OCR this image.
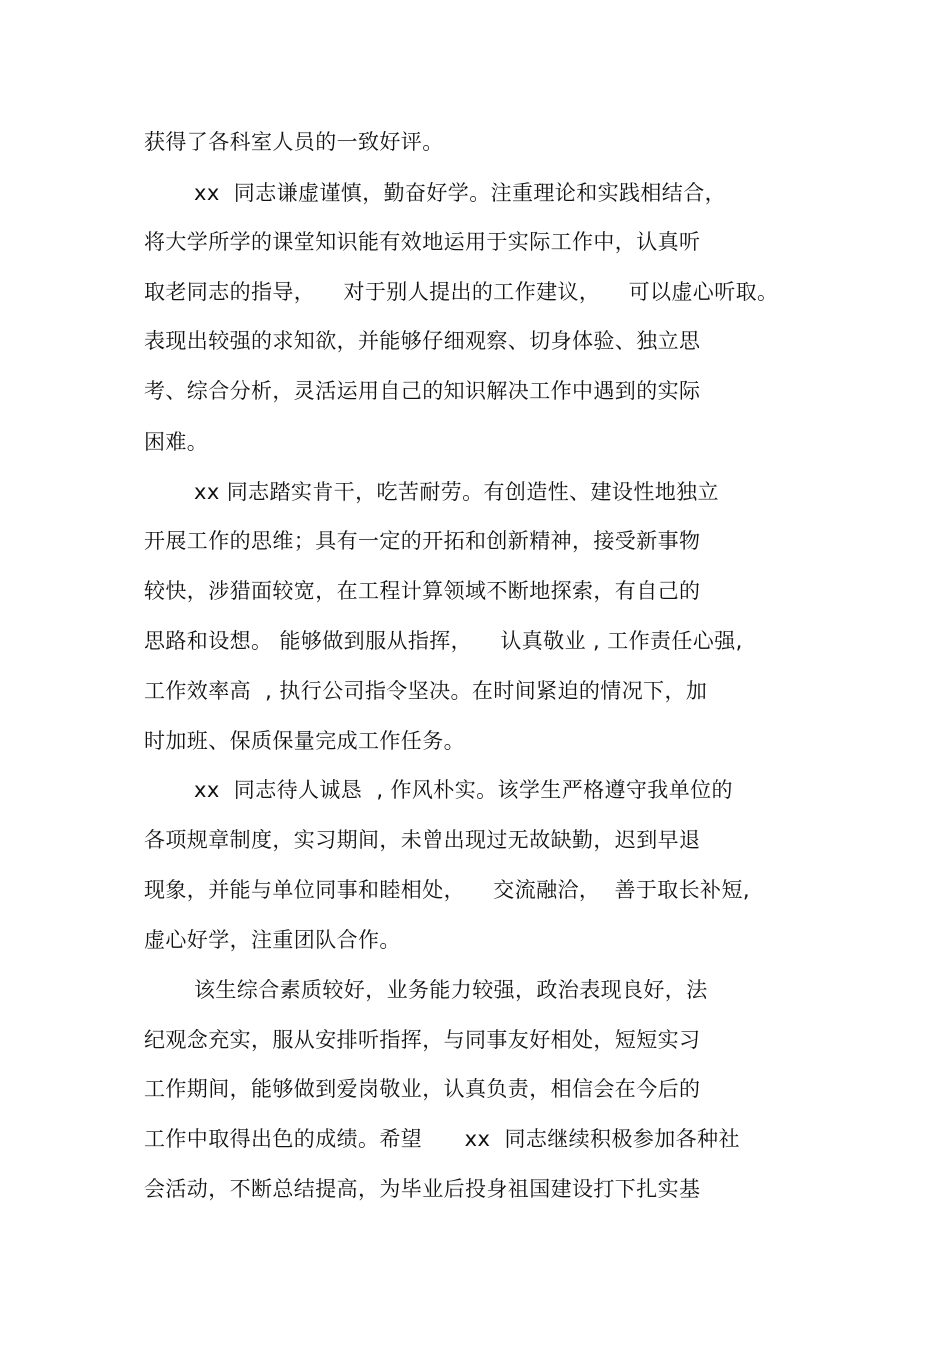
获得了各科室人员的一致好评。
xx  同志谦虚谨慎，勤奋好学。注重理论和实践相结合，
将大学所学的课堂知识能有效地运用于实际工作中，认真听
取老同志的指导，    对于别人提出的工作建议，    可以虚心听取。
表现出较强的求知欲，并能够仔细观察、切身体验、独立思
考、综合分析，灵活运用自己的知识解决工作中遇到的实际
困难。
xx 同志踏实肯干，吃苦耐劳。有创造性、建设性地独立
开展工作的思维；具有一定的开拓和创新精神，接受新事物
较快，涉猎面较宽，在工程计算领域不断地探索，有自己的
思路和设想。 能够做到服从指挥，    认真敬业 , 工作责任心强,
工作效率高  , 执行公司指令坚决。在时间紧迫的情况下，加
时加班、保质保量完成工作任务。
xx  同志待人诚恳  , 作风朴实。该学生严格遵守我单位的
各项规章制度，实习期间，未曾出现过无故缺勤，迟到早退
现象，并能与单位同事和睦相处，    交流融洽，  善于取长补短,
虚心好学，注重团队合作。
该生综合素质较好，业务能力较强，政治表现良好，法
纪观念充实，服从安排听指挥，与同事友好相处，短短实习
工作期间，能够做到爱岗敬业，认真负责，相信会在今后的
工作中取得出色的成绩。希望      xx  同志继续积极参加各种社
会活动，不断总结提高，为毕业后投身祖国建设打下扎实基
